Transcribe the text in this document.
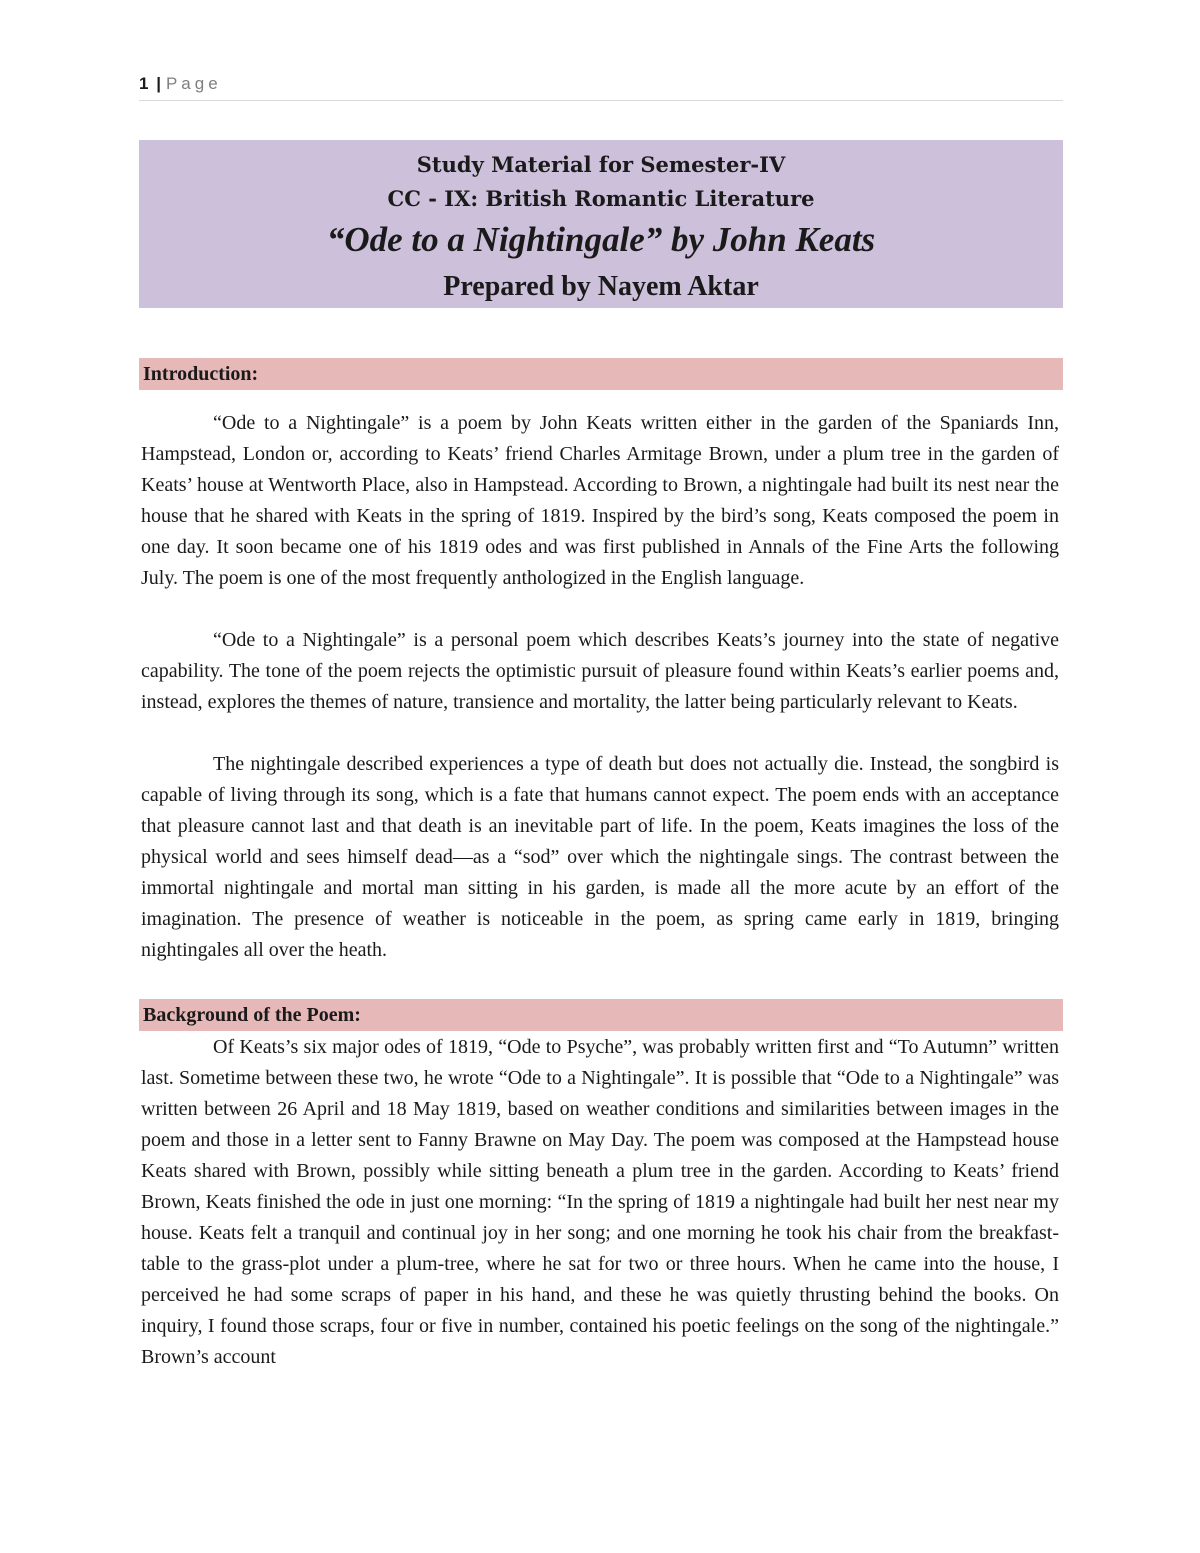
1 | Page
Study Material for Semester-IV
CC - IX: British Romantic Literature
“Ode to a Nightingale” by John Keats
Prepared by Nayem Aktar
Introduction:

“Ode to a Nightingale” is a poem by John Keats written either in the garden of the Spaniards Inn, Hampstead, London or, according to Keats’ friend Charles Armitage Brown, under a plum tree in the garden of Keats’ house at Wentworth Place, also in Hampstead. According to Brown, a nightingale had built its nest near the house that he shared with Keats in the spring of 1819. Inspired by the bird’s song, Keats composed the poem in one day. It soon became one of his 1819 odes and was first published in Annals of the Fine Arts the following July. The poem is one of the most frequently anthologized in the English language.

“Ode to a Nightingale” is a personal poem which describes Keats’s journey into the state of negative capability. The tone of the poem rejects the optimistic pursuit of pleasure found within Keats’s earlier poems and, instead, explores the themes of nature, transience and mortality, the latter being particularly relevant to Keats.

The nightingale described experiences a type of death but does not actually die. Instead, the songbird is capable of living through its song, which is a fate that humans cannot expect. The poem ends with an acceptance that pleasure cannot last and that death is an inevitable part of life. In the poem, Keats imagines the loss of the physical world and sees himself dead—as a “sod” over which the nightingale sings. The contrast between the immortal nightingale and mortal man sitting in his garden, is made all the more acute by an effort of the imagination. The presence of weather is noticeable in the poem, as spring came early in 1819, bringing nightingales all over the heath.

Background of the Poem:

Of Keats’s six major odes of 1819, “Ode to Psyche”, was probably written first and “To Autumn” written last. Sometime between these two, he wrote “Ode to a Nightingale”. It is possible that “Ode to a Nightingale” was written between 26 April and 18 May 1819, based on weather conditions and similarities between images in the poem and those in a letter sent to Fanny Brawne on May Day. The poem was composed at the Hampstead house Keats shared with Brown, possibly while sitting beneath a plum tree in the garden. According to Keats’ friend Brown, Keats finished the ode in just one morning: “In the spring of 1819 a nightingale had built her nest near my house. Keats felt a tranquil and continual joy in her song; and one morning he took his chair from the breakfast-table to the grass-plot under a plum-tree, where he sat for two or three hours. When he came into the house, I perceived he had some scraps of paper in his hand, and these he was quietly thrusting behind the books. On inquiry, I found those scraps, four or five in number, contained his poetic feelings on the song of the nightingale.” Brown’s account
